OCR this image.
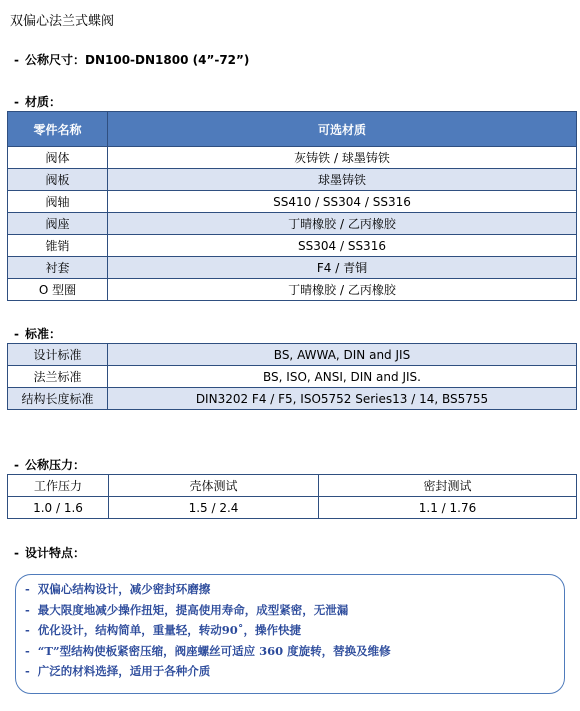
双偏心法兰式蝶阀
- 公称尺寸：DN100-DN1800 (4”-72”)
- 材质：
零件名称	可选材质
阀体	灰铸铁 / 球墨铸铁
阀板	球墨铸铁
阀轴	SS410 / SS304 / SS316
阀座	丁晴橡胶 / 乙丙橡胶
锥销	SS304 / SS316
衬套	F4 / 青铜
O 型圈	丁晴橡胶 / 乙丙橡胶
- 标准：
设计标准	BS, AWWA, DIN and JIS
法兰标准	BS, ISO, ANSI, DIN and JIS.
结构长度标准	DIN3202 F4 / F5, ISO5752 Series13 / 14, BS5755
- 公称压力：
工作压力	壳体测试	密封测试
1.0 / 1.6	1.5 / 2.4	1.1 / 1.76
- 设计特点：
- 双偏心结构设计，减少密封环磨擦
- 最大限度地减少操作扭矩，提高使用寿命，成型紧密，无泄漏
- 优化设计，结构简单，重量轻，转动90˚，操作快捷
- “T”型结构使板紧密压缩，阀座螺丝可适应 360 度旋转，替换及维修
- 广泛的材料选择，适用于各种介质
